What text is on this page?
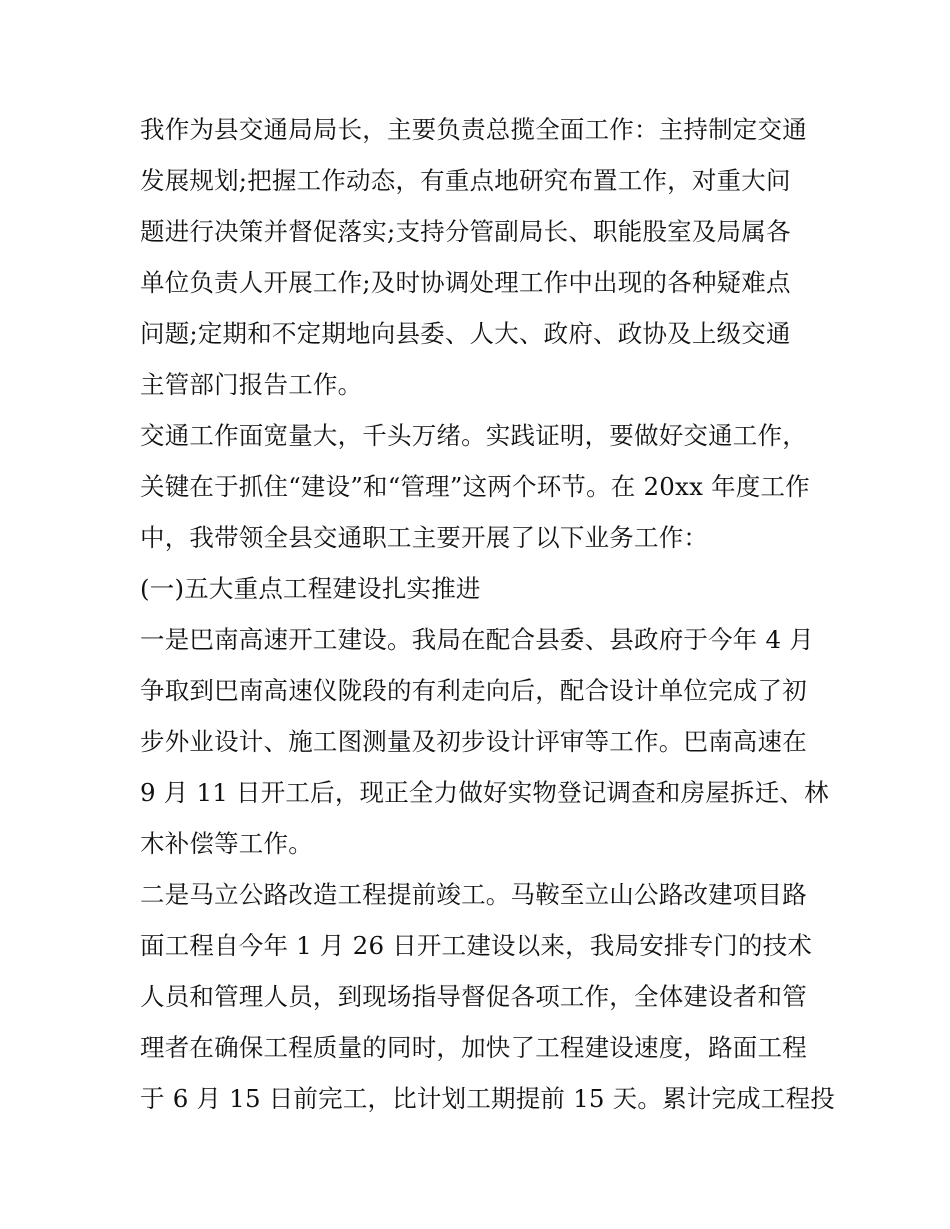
我作为县交通局局长，主要负责总揽全面工作：主持制定交通
发展规划;把握工作动态，有重点地研究布置工作，对重大问
题进行决策并督促落实;支持分管副局长、职能股室及局属各
单位负责人开展工作;及时协调处理工作中出现的各种疑难点
问题;定期和不定期地向县委、人大、政府、政协及上级交通
主管部门报告工作。
交通工作面宽量大，千头万绪。实践证明，要做好交通工作，
关键在于抓住“建设”和“管理”这两个环节。在 20xx 年度工作
中，我带领全县交通职工主要开展了以下业务工作：
(一)五大重点工程建设扎实推进
一是巴南高速开工建设。我局在配合县委、县政府于今年 4 月
争取到巴南高速仪陇段的有利走向后，配合设计单位完成了初
步外业设计、施工图测量及初步设计评审等工作。巴南高速在
9 月 11 日开工后，现正全力做好实物登记调查和房屋拆迁、林
木补偿等工作。
二是马立公路改造工程提前竣工。马鞍至立山公路改建项目路
面工程自今年 1 月 26 日开工建设以来，我局安排专门的技术
人员和管理人员，到现场指导督促各项工作，全体建设者和管
理者在确保工程质量的同时，加快了工程建设速度，路面工程
于 6 月 15 日前完工，比计划工期提前 15 天。累计完成工程投
